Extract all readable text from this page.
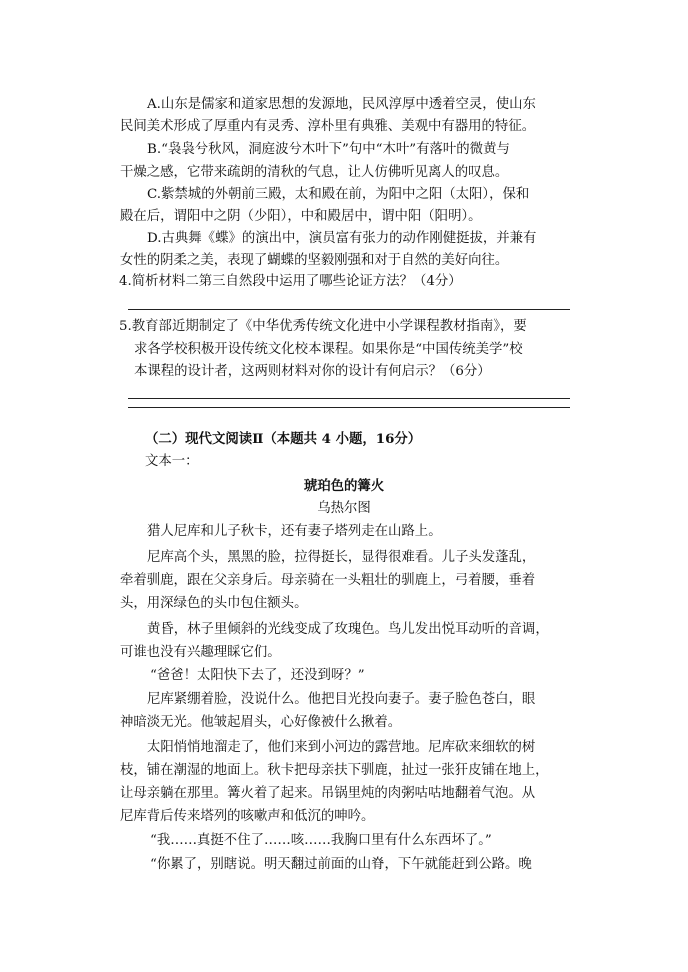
A.山东是儒家和道家思想的发源地，民风淳厚中透着空灵，使山东
民间美术形成了厚重内有灵秀、淳朴里有典雅、美观中有器用的特征。
B.“袅袅兮秋风，洞庭波兮木叶下”句中“木叶”有落叶的微黄与
干燥之感，它带来疏朗的清秋的气息，让人仿佛听见离人的叹息。
C.紫禁城的外朝前三殿，太和殿在前，为阳中之阳（太阳），保和
殿在后，谓阳中之阴（少阳），中和殿居中，谓中阳（阳明）。
D.古典舞《蝶》的演出中，演员富有张力的动作刚健挺拔，并兼有
女性的阴柔之美，表现了蝴蝶的坚毅刚强和对于自然的美好向往。
4.简析材料二第三自然段中运用了哪些论证方法？（4分）
5.教育部近期制定了《中华优秀传统文化进中小学课程教材指南》，要
求各学校积极开设传统文化校本课程。如果你是“中国传统美学”校
本课程的设计者，这两则材料对你的设计有何启示？（6分）
（二）现代文阅读Ⅱ（本题共 4 小题，16分）
文本一：
琥珀色的篝火
乌热尔图
猎人尼库和儿子秋卡，还有妻子塔列走在山路上。
尼库高个头，黑黑的脸，拉得挺长，显得很难看。儿子头发蓬乱，
牵着驯鹿，跟在父亲身后。母亲骑在一头粗壮的驯鹿上，弓着腰，垂着
头，用深绿色的头巾包住额头。
黄昏，林子里倾斜的光线变成了玫瑰色。鸟儿发出悦耳动听的音调，
可谁也没有兴趣理睬它们。
“爸爸！太阳快下去了，还没到呀？”
尼库紧绷着脸，没说什么。他把目光投向妻子。妻子脸色苍白，眼
神暗淡无光。他皱起眉头，心好像被什么揪着。
太阳悄悄地溜走了，他们来到小河边的露营地。尼库砍来细软的树
枝，铺在潮湿的地面上。秋卡把母亲扶下驯鹿，扯过一张犴皮铺在地上，
让母亲躺在那里。篝火着了起来。吊锅里炖的肉粥咕咕地翻着气泡。从
尼库背后传来塔列的咳嗽声和低沉的呻吟。
“我……真挺不住了……咳……我胸口里有什么东西坏了。”
“你累了，别瞎说。明天翻过前面的山脊，下午就能赶到公路。晚
